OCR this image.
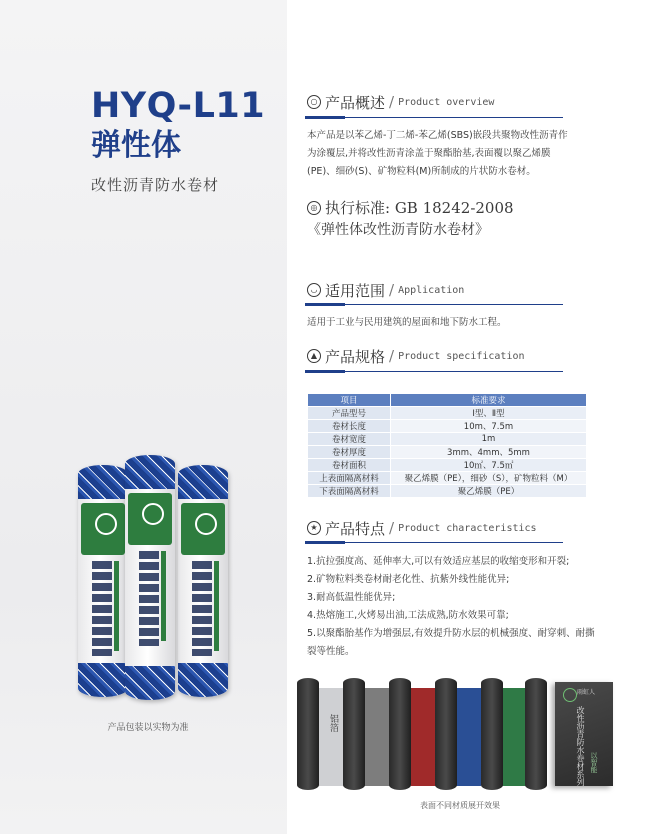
HYQ-L11
弹性体

改性沥青防水卷材

产品包装以实物为准
○ 产品概述 / Product overview

本产品是以苯乙烯-丁二烯-苯乙烯(SBS)嵌段共聚物改性沥青作为涂覆层,并将改性沥青涂盖于聚酯胎基,表面覆以聚乙烯膜(PE)、细砂(S)、矿物粒料(M)所制成的片状防水卷材。

◎ 执行标准: GB 18242-2008
《弹性体改性沥青防水卷材》
◡ 适用范围 / Application

适用于工业与民用建筑的屋面和地下防水工程。

▲ 产品规格 / Product specification
项目	标准要求
产品型号	Ⅰ型、Ⅱ型
卷材长度	10m、7.5m
卷材宽度	1m
卷材厚度	3mm、4mm、5mm
卷材面积	10㎡、7.5㎡
上表面隔离材料	聚乙烯膜（PE），细砂（S），矿物粒料（M）
下表面隔离材料	聚乙烯膜（PE）
★ 产品特点 / Product characteristics
1.抗拉强度高、延伸率大,可以有效适应基层的收缩变形和开裂;
2.矿物粒料类卷材耐老化性、抗紫外线性能优异;
3.耐高低温性能优异;
4.热熔施工,火烤易出油,工法成熟,防水效果可靠;
5.以聚酯胎基作为增强层,有效提升防水层的机械强度、耐穿刺、耐撕裂等性能。
铝箔
雨虹人
改性沥青防水卷材系列 以智能
表面不同材质展开效果
